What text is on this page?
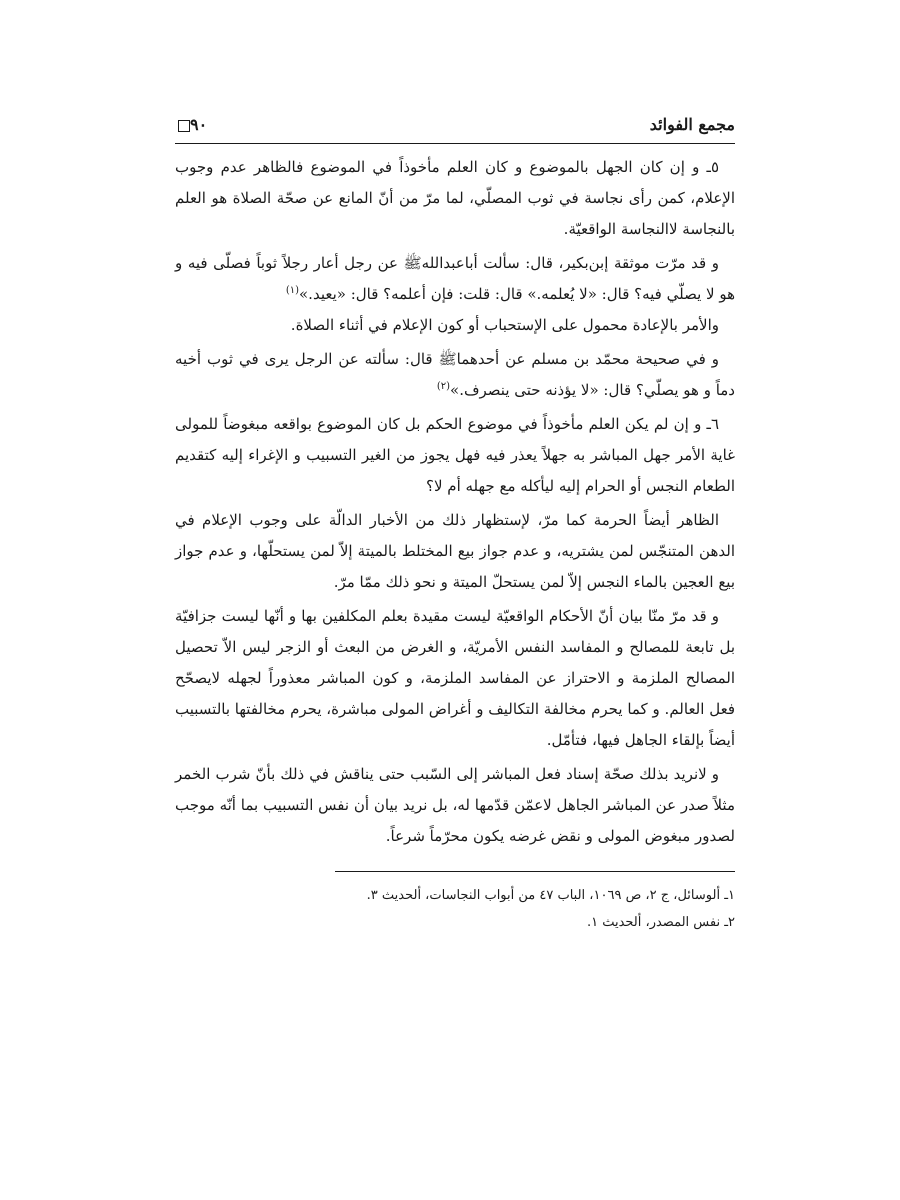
٩٠	مجمع الفوائد

٥ـ و إن كان الجهل بالموضوع و كان العلم مأخوذاً في الموضوع فالظاهر عدم وجوب الإعلام، كمن رأى نجاسة في ثوب المصلّي، لما مرّ من أنّ المانع عن صحّة الصلاة هو العلم بالنجاسة لاالنجاسة الواقعيّة.

و قد مرّت موثقة إبن‌بكير، قال: سألت أباعبدالله‌ﷺ عن رجل أعار رجلاً ثوباً فصلّى فيه و هو لا يصلّي فيه؟ قال: «لا يُعلمه.» قال: قلت: فإن أعلمه؟ قال: «يعيد.»$^{(١)}$

والأمر بالإعادة محمول على الإستحباب أو كون الإعلام في أثناء الصلاة.

و في صحيحة محمّد بن مسلم عن أحدهما‌ﷺ قال: سألته عن الرجل يرى في ثوب أخيه دماً و هو يصلّي؟ قال: «لا يؤذنه حتى ينصرف.»$^{(٢)}$

٦ـ و إن لم يكن العلم مأخوذاً في موضوع الحكم بل كان الموضوع بواقعه مبغوضاً للمولى غاية الأمر جهل المباشر به جهلاً يعذر فيه فهل يجوز من الغير التسبيب و الإغراء إليه كتقديم الطعام النجس أو الحرام إليه ليأكله مع جهله أم لا؟

الظاهر أيضاً الحرمة كما مرّ، لإستظهار ذلك من الأخبار الدالّة على وجوب الإعلام في الدهن المتنجّس لمن يشتريه، و عدم جواز بيع المختلط بالميتة إلاّ لمن يستحلّها، و عدم جواز بيع العجين بالماء النجس إلاّ لمن يستحلّ الميتة و نحو ذلك ممّا مرّ.

و قد مرّ منّا بيان أنّ الأحكام الواقعيّة ليست مقيدة بعلم المكلفين بها و أنّها ليست جزافيّة بل تابعة للمصالح و المفاسد النفس الأمريّة، و الغرض من البعث أو الزجر ليس الاّ تحصيل المصالح الملزمة و الاحتراز عن المفاسد الملزمة، و كون المباشر معذوراً لجهله لايصحّح فعل العالم. و كما يحرم مخالفة التكاليف و أغراض المولى مباشرة، يحرم مخالفتها بالتسبيب أيضاً بإلقاء الجاهل فيها، فتأمّل.

و لانريد بذلك صحّة إسناد فعل المباشر إلى السّبب حتى يناقش في ذلك بأنّ شرب الخمر مثلاً صدر عن المباشر الجاهل لاعمّن قدّمها له، بل نريد بيان أن نفس التسبيب بما أنّه موجب لصدور مبغوض المولى و نقض غرضه يكون محرّماً شرعاً.

١ـ ألوسائل، ج ٢، ص ١٠٦٩، الباب ٤٧ من أبواب النجاسات، ألحديث ٣.
٢ـ نفس المصدر، ألحديث ١.
